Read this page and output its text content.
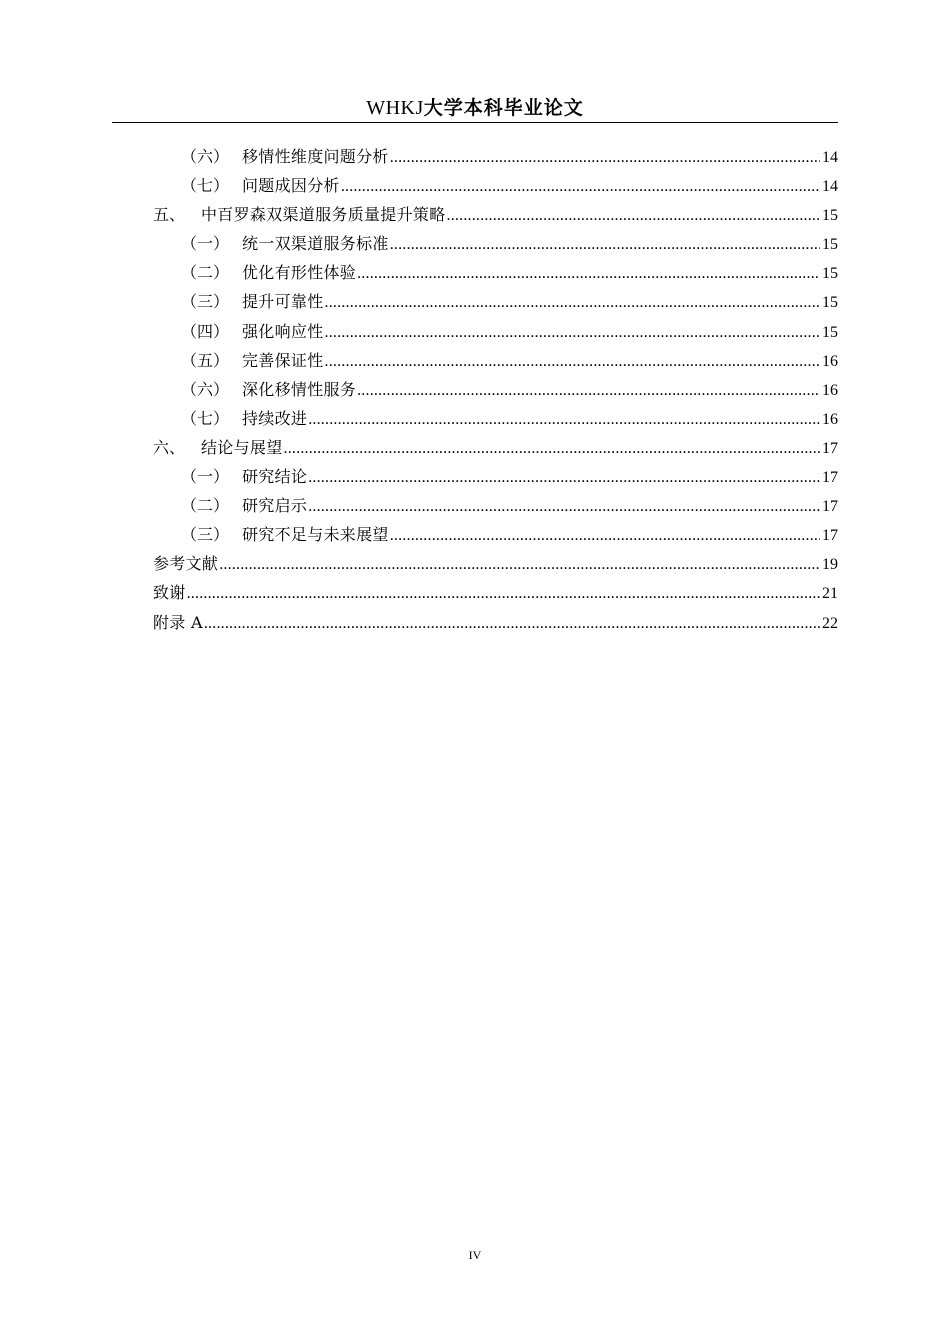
WHKJ大学本科毕业论文
（六） 移情性维度问题分析 .....	14
（七） 问题成因分析 .....	14
五、 中百罗森双渠道服务质量提升策略 .....	15
（一） 统一双渠道服务标准 .....	15
（二） 优化有形性体验 .....	15
（三） 提升可靠性 .....	15
（四） 强化响应性 .....	15
（五） 完善保证性 .....	16
（六） 深化移情性服务 .....	16
（七） 持续改进 .....	16
六、 结论与展望 .....	17
（一） 研究结论 .....	17
（二） 研究启示 .....	17
（三） 研究不足与未来展望 .....	17
参考文献 .....	19
致谢 .....	21
附录 A .....	22
IV
